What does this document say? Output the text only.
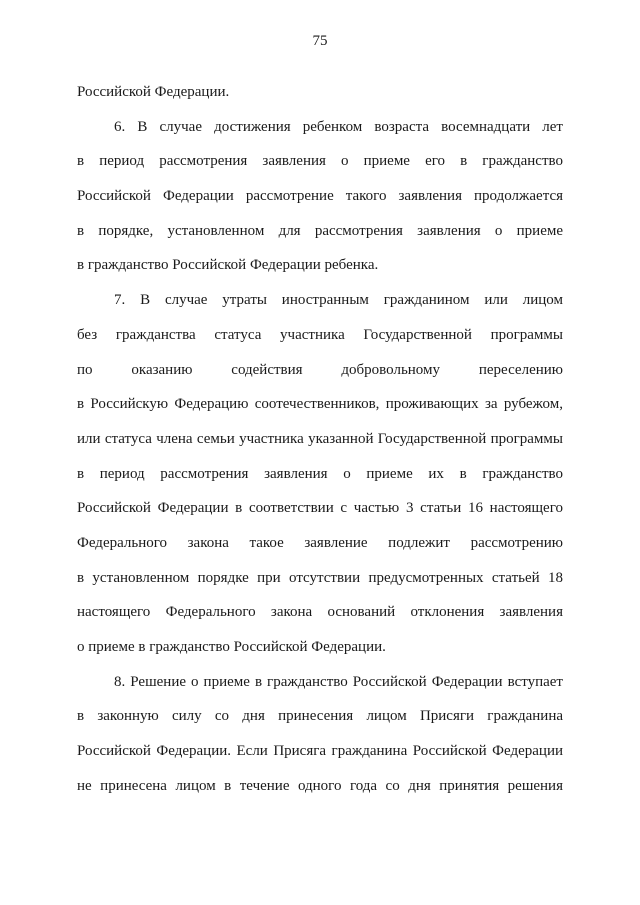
75
Российской Федерации.
6. В случае достижения ребенком возраста восемнадцати лет
в период рассмотрения заявления о приеме его в гражданство
Российской Федерации рассмотрение такого заявления продолжается
в порядке, установленном для рассмотрения заявления о приеме
в гражданство Российской Федерации ребенка.
7. В случае утраты иностранным гражданином или лицом
без гражданства статуса участника Государственной программы
по оказанию содействия добровольному переселению
в Российскую Федерацию соотечественников, проживающих за рубежом,
или статуса члена семьи участника указанной Государственной программы
в период рассмотрения заявления о приеме их в гражданство
Российской Федерации в соответствии с частью 3 статьи 16 настоящего
Федерального закона такое заявление подлежит рассмотрению
в установленном порядке при отсутствии предусмотренных статьей 18
настоящего Федерального закона оснований отклонения заявления
о приеме в гражданство Российской Федерации.
8. Решение о приеме в гражданство Российской Федерации вступает
в законную силу со дня принесения лицом Присяги гражданина
Российской Федерации. Если Присяга гражданина Российской Федерации
не принесена лицом в течение одного года со дня принятия решения
